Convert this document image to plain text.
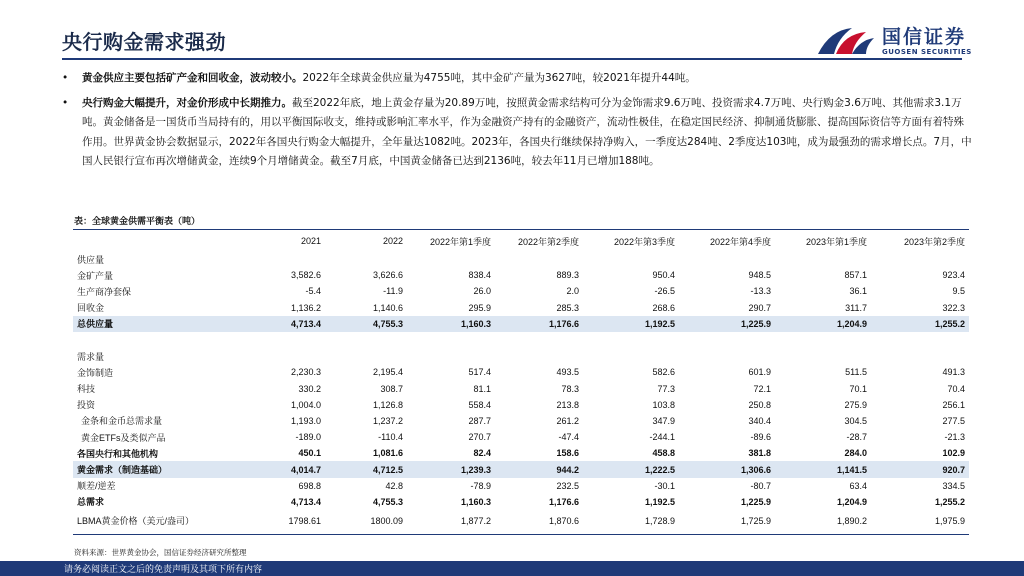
央行购金需求强劲	国信证券
GUOSEN SECURITIES
• 黄金供应主要包括矿产金和回收金，波动较小。2022年全球黄金供应量为4755吨，其中金矿产量为3627吨，较2021年提升44吨。
• 央行购金大幅提升，对金价形成中长期推力。截至2022年底，地上黄金存量为20.89万吨，按照黄金需求结构可分为金饰需求9.6万吨、投资需求4.7万吨、央行购金3.6万吨、其他需求3.1万吨。黄金储备是一国货币当局持有的，用以平衡国际收支，维持或影响汇率水平，作为金融资产持有的金融资产，流动性极佳，在稳定国民经济、抑制通货膨胀、提高国际资信等方面有着特殊作用。世界黄金协会数据显示，2022年各国央行购金大幅提升，全年量达1082吨。2023年，各国央行继续保持净购入，一季度达284吨、2季度达103吨，成为最强劲的需求增长点。7月，中国人民银行宣布再次增储黄金，连续9个月增储黄金。截至7月底，中国黄金储备已达到2136吨，较去年11月已增加188吨。
表：全球黄金供需平衡表（吨）
	2021	2022	2022年第1季度	2022年第2季度	2022年第3季度	2022年第4季度	2023年第1季度	2023年第2季度
供应量								
金矿产量	3,582.6	3,626.6	838.4	889.3	950.4	948.5	857.1	923.4
生产商净套保	-5.4	-11.9	26.0	2.0	-26.5	-13.3	36.1	9.5
回收金	1,136.2	1,140.6	295.9	285.3	268.6	290.7	311.7	322.3
总供应量	4,713.4	4,755.3	1,160.3	1,176.6	1,192.5	1,225.9	1,204.9	1,255.2

需求量								
金饰制造	2,230.3	2,195.4	517.4	493.5	582.6	601.9	511.5	491.3
科技	330.2	308.7	81.1	78.3	77.3	72.1	70.1	70.4
投资	1,004.0	1,126.8	558.4	213.8	103.8	250.8	275.9	256.1
金条和金币总需求量	1,193.0	1,237.2	287.7	261.2	347.9	340.4	304.5	277.5
黄金ETFs及类似产品	-189.0	-110.4	270.7	-47.4	-244.1	-89.6	-28.7	-21.3
各国央行和其他机构	450.1	1,081.6	82.4	158.6	458.8	381.8	284.0	102.9
黄金需求（制造基础）	4,014.7	4,712.5	1,239.3	944.2	1,222.5	1,306.6	1,141.5	920.7
顺差/逆差	698.8	42.8	-78.9	232.5	-30.1	-80.7	63.4	334.5
总需求	4,713.4	4,755.3	1,160.3	1,176.6	1,192.5	1,225.9	1,204.9	1,255.2
LBMA黄金价格（美元/盎司）	1798.61	1800.09	1,877.2	1,870.6	1,728.9	1,725.9	1,890.2	1,975.9
资料来源：世界黄金协会，国信证券经济研究所整理
请务必阅读正文之后的免责声明及其项下所有内容
